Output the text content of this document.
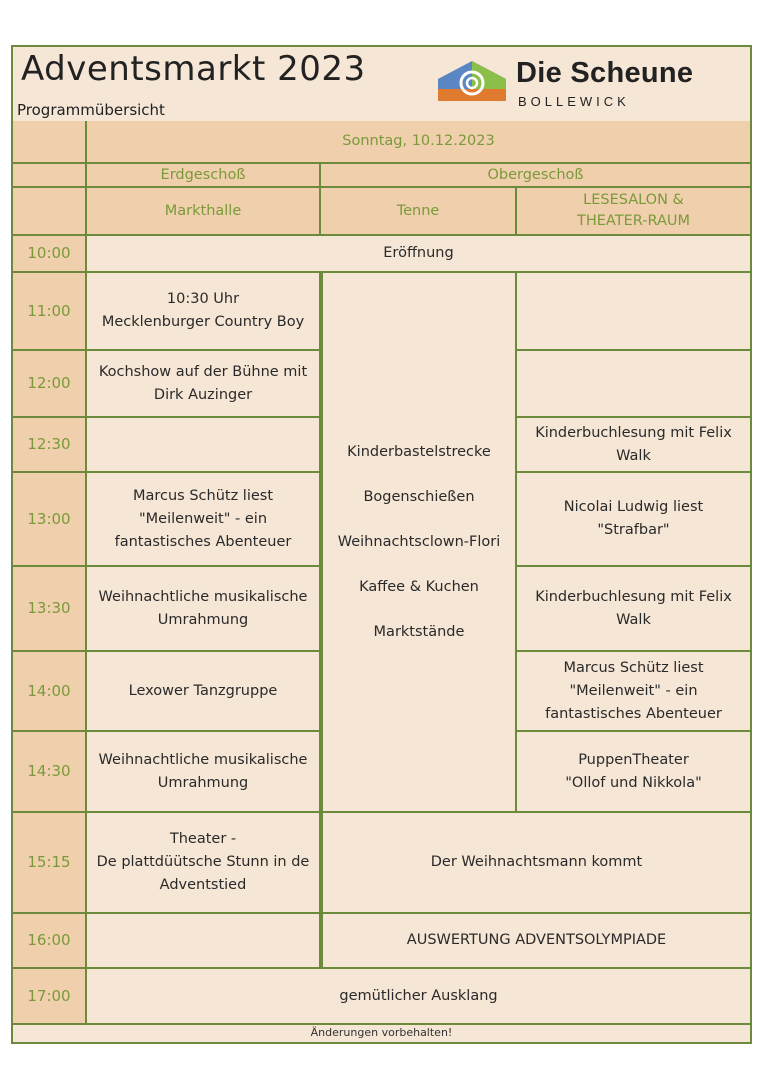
Adventsmarkt 2023
Programmübersicht
Die Scheune
BOLLEWICK
Sonntag, 10.12.2023
Erdgeschoß	Obergeschoß
Markthalle	Tenne
LESESALON & THEATER-RAUM
10:00
11:00
12:00
12:30
13:00
13:30
14:00
14:30
15:15
16:00
17:00
Eröffnung
10:30 Uhr
Mecklenburger Country Boy
Kochshow auf der Bühne mit Dirk Auzinger
Marcus Schütz liest "Meilenweit" - ein fantastisches Abenteuer
Weihnachtliche musikalische Umrahmung
Lexower Tanzgruppe
Weihnachtliche musikalische Umrahmung
Theater -
De plattdüütsche Stunn in de Adventstied
Kinderbastelstrecke
Bogenschießen
Weihnachtsclown-Flori
Kaffee & Kuchen
Marktstände
Kinderbuchlesung mit Felix Walk
Nicolai Ludwig liest "Strafbar"
Kinderbuchlesung mit Felix Walk
Marcus Schütz liest "Meilenweit" - ein fantastisches Abenteuer
PuppenTheater
"Ollof und Nikkola"
Der Weihnachtsmann kommt
AUSWERTUNG ADVENTSOLYMPIADE
gemütlicher Ausklang
Änderungen vorbehalten!
